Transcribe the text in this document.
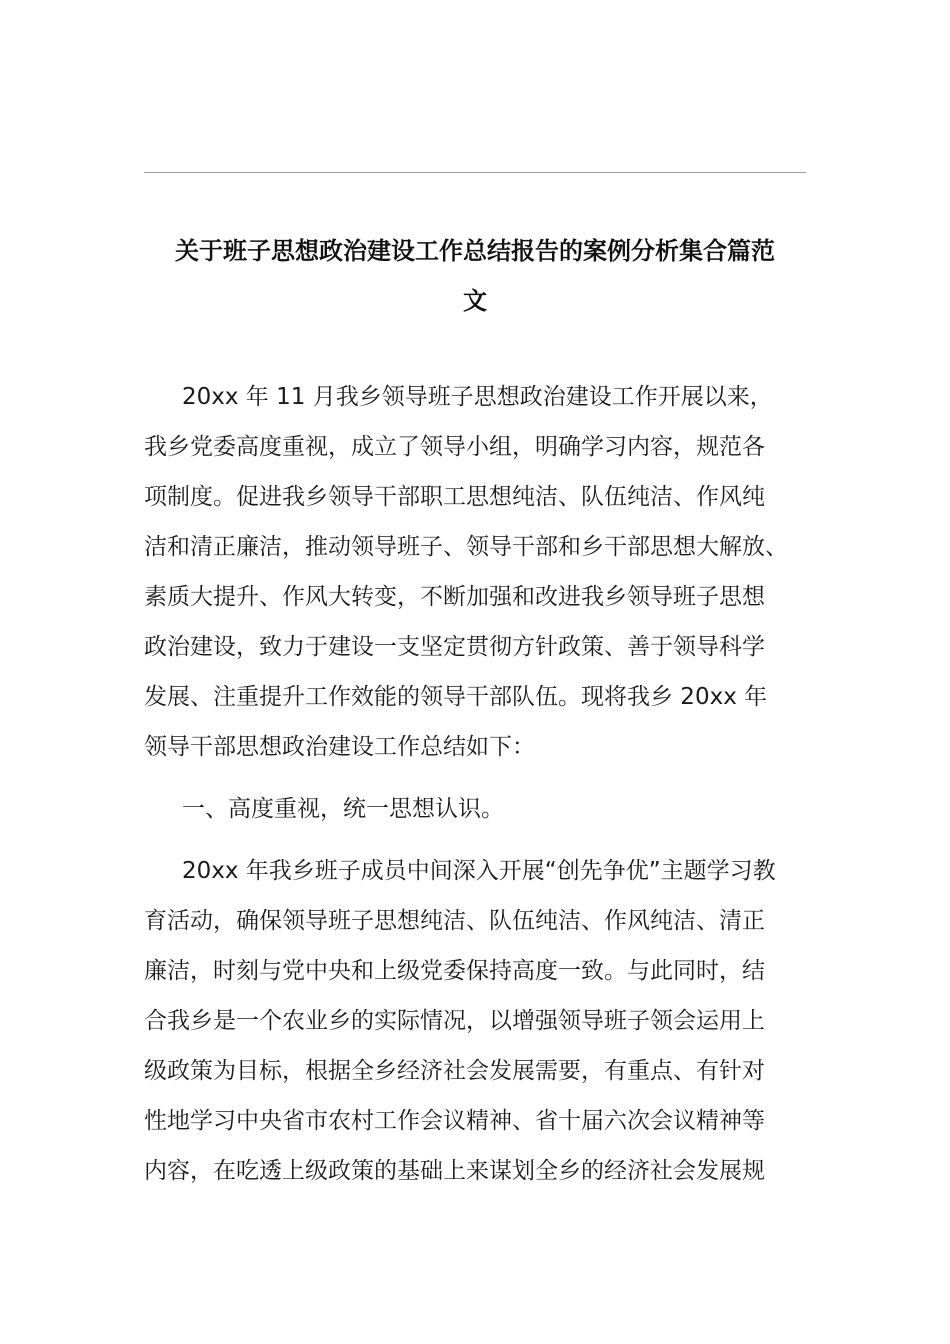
关于班子思想政治建设工作总结报告的案例分析集合篇范
文
20xx 年 11 月我乡领导班子思想政治建设工作开展以来，
我乡党委高度重视，成立了领导小组，明确学习内容，规范各
项制度。促进我乡领导干部职工思想纯洁、队伍纯洁、作风纯
洁和清正廉洁，推动领导班子、领导干部和乡干部思想大解放、
素质大提升、作风大转变，不断加强和改进我乡领导班子思想
政治建设，致力于建设一支坚定贯彻方针政策、善于领导科学
发展、注重提升工作效能的领导干部队伍。现将我乡 20xx 年
领导干部思想政治建设工作总结如下：
一、高度重视，统一思想认识。
20xx 年我乡班子成员中间深入开展“创先争优”主题学习教
育活动，确保领导班子思想纯洁、队伍纯洁、作风纯洁、清正
廉洁，时刻与党中央和上级党委保持高度一致。与此同时，结
合我乡是一个农业乡的实际情况，以增强领导班子领会运用上
级政策为目标，根据全乡经济社会发展需要，有重点、有针对
性地学习中央省市农村工作会议精神、省十届六次会议精神等
内容，在吃透上级政策的基础上来谋划全乡的经济社会发展规
